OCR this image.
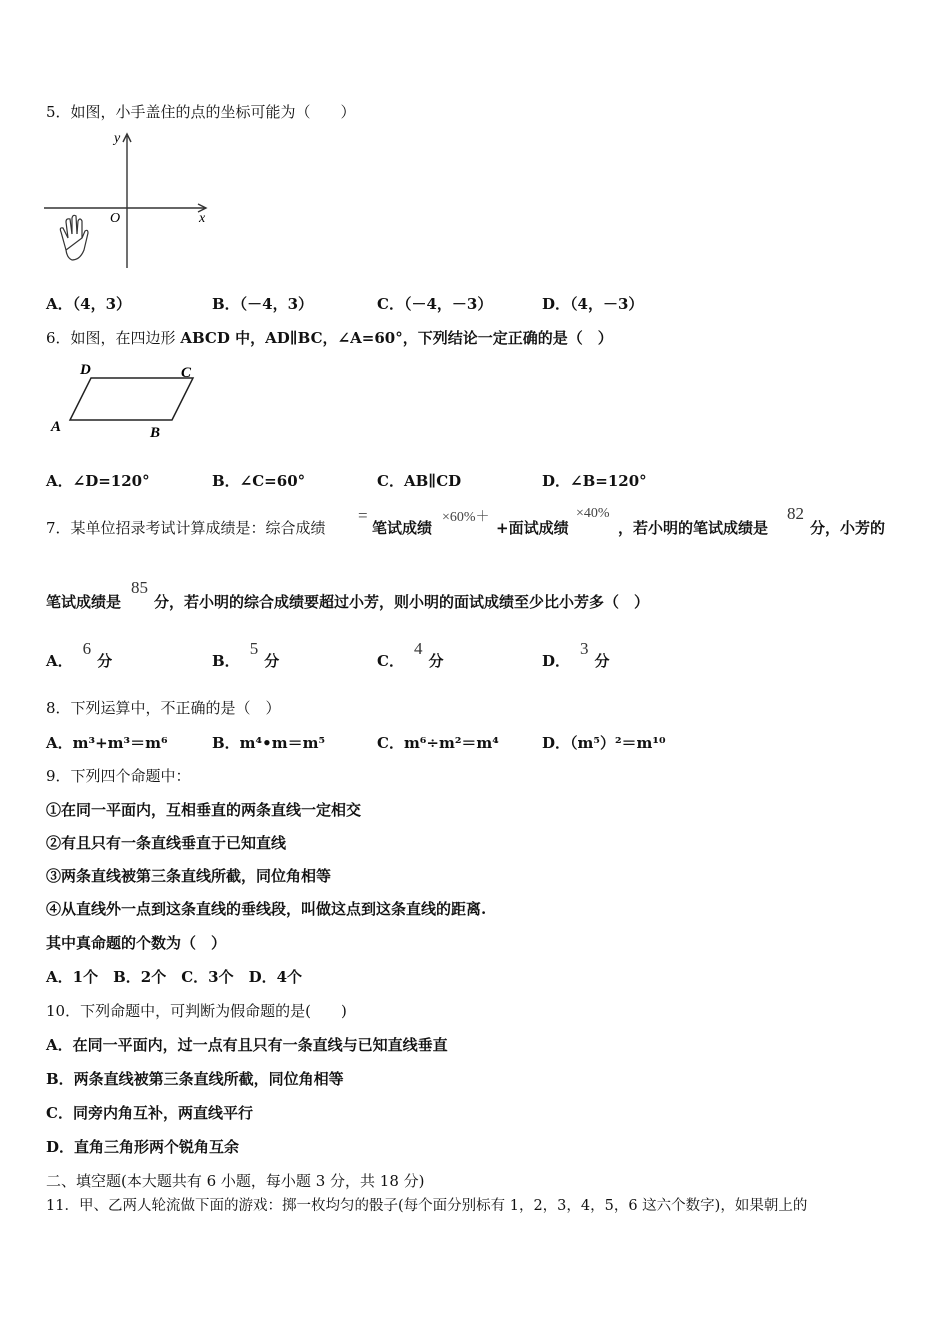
5．如图，小手盖住的点的坐标可能为（　　）
y
x
O
A．（4，3）	B．（－4，3）	C．（－4，－3）	D．（4，－3）
6．如图，在四边形 ABCD 中，AD∥BC，∠A=60°，下列结论一定正确的是（　）
D	C
A	B
A．∠D=120°	B．∠C=60°	C．AB∥CD	D．∠B=120°
7．某单位招录考试计算成绩是：综合成绩
=
笔试成绩
×60%＋
+面试成绩
×40%
，若小明的笔试成绩是
82
分，小芳的
笔试成绩是
85
分，若小明的综合成绩要超过小芳，则小明的面试成绩至少比小芳多（　）
A．6分	B．5分	C．4分	D．3分
8．下列运算中，不正确的是（　）
A．m³+m³＝m⁶	B．m⁴•m＝m⁵	C．m⁶÷m²＝m⁴	D．（m⁵）²＝m¹⁰
9．下列四个命题中：
①在同一平面内，互相垂直的两条直线一定相交
②有且只有一条直线垂直于已知直线
③两条直线被第三条直线所截，同位角相等
④从直线外一点到这条直线的垂线段，叫做这点到这条直线的距离.
其中真命题的个数为（　）
A．1个　B．2个　C．3个　D．4个
10．下列命题中，可判断为假命题的是(　　)
A．在同一平面内，过一点有且只有一条直线与已知直线垂直
B．两条直线被第三条直线所截，同位角相等
C．同旁内角互补，两直线平行
D．直角三角形两个锐角互余
二、填空题(本大题共有 6 小题，每小题 3 分，共 18 分)
11．甲、乙两人轮流做下面的游戏：掷一枚均匀的骰子(每个面分别标有 1，2，3，4，5，6 这六个数字)，如果朝上的
